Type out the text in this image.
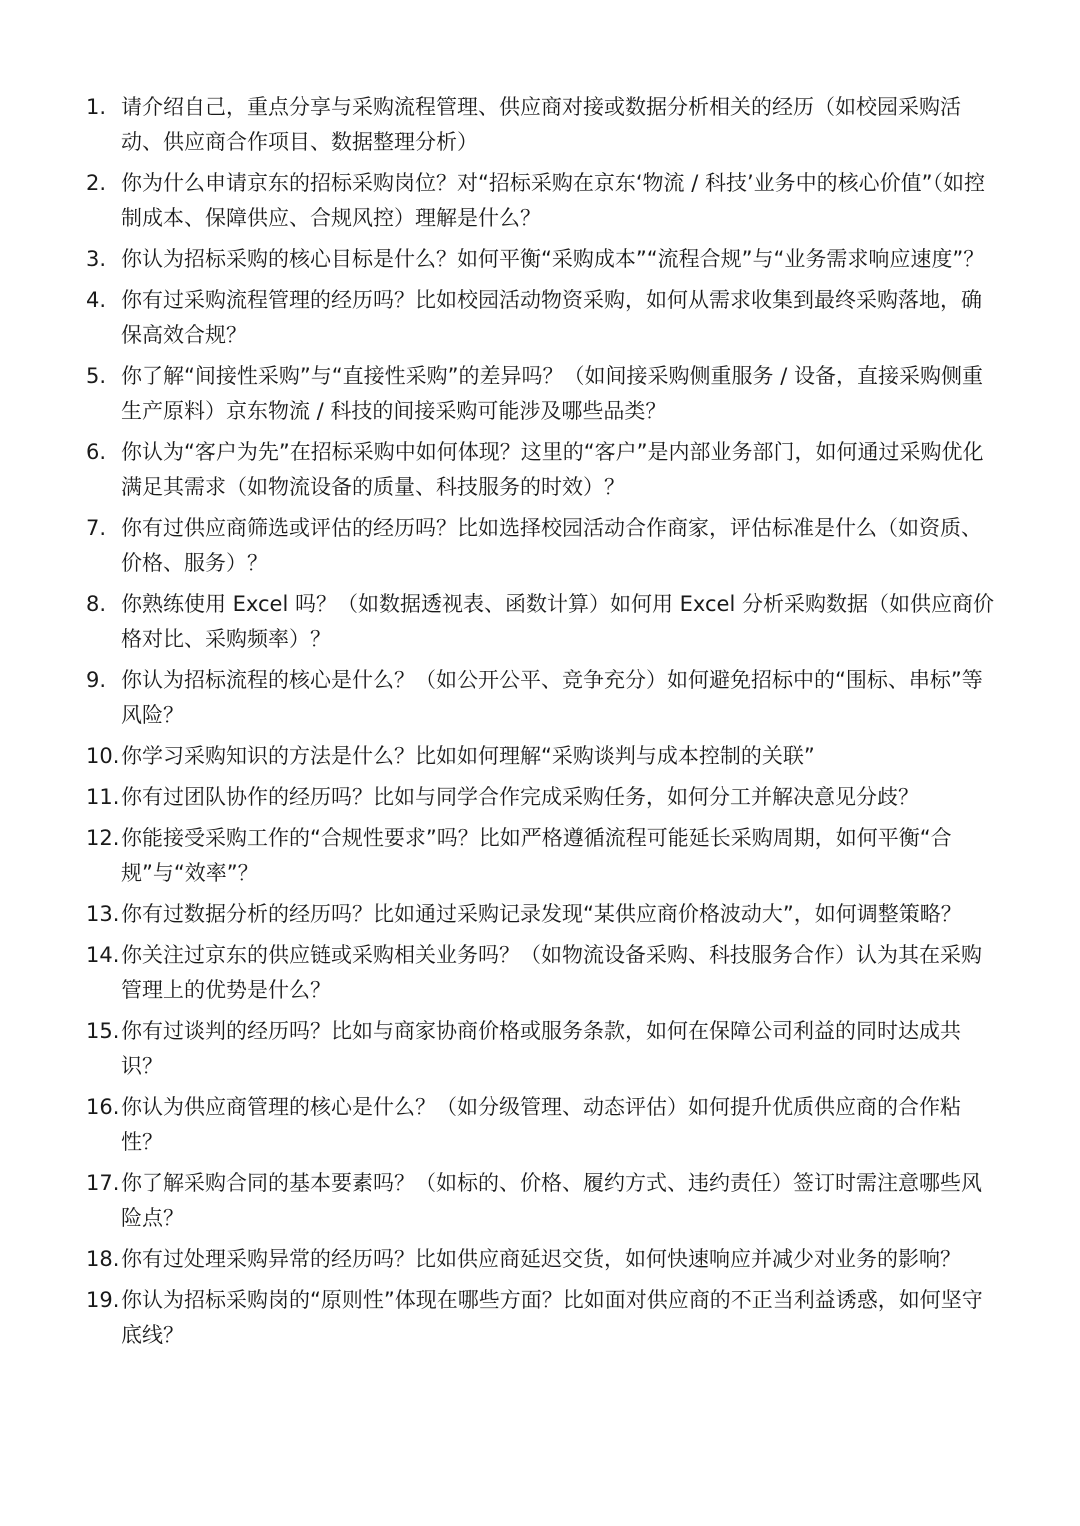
1. 请介绍自己，重点分享与采购流程管理、供应商对接或数据分析相关的经历（如校园采购活动、供应商合作项目、数据整理分析）
2. 你为什么申请京东的招标采购岗位？对“招标采购在京东‘物流 / 科技’业务中的核心价值”（如控制成本、保障供应、合规风控）理解是什么？
3. 你认为招标采购的核心目标是什么？如何平衡“采购成本”“流程合规”与“业务需求响应速度”？
4. 你有过采购流程管理的经历吗？比如校园活动物资采购，如何从需求收集到最终采购落地，确保高效合规？
5. 你了解“间接性采购”与“直接性采购”的差异吗？（如间接采购侧重服务 / 设备，直接采购侧重生产原料）京东物流 / 科技的间接采购可能涉及哪些品类？
6. 你认为“客户为先”在招标采购中如何体现？这里的“客户”是内部业务部门，如何通过采购优化满足其需求（如物流设备的质量、科技服务的时效）？
7. 你有过供应商筛选或评估的经历吗？比如选择校园活动合作商家，评估标准是什么（如资质、价格、服务）？
8. 你熟练使用 Excel 吗？（如数据透视表、函数计算）如何用 Excel 分析采购数据（如供应商价格对比、采购频率）？
9. 你认为招标流程的核心是什么？（如公开公平、竞争充分）如何避免招标中的“围标、串标”等风险？
10. 你学习采购知识的方法是什么？比如如何理解“采购谈判与成本控制的关联”
11. 你有过团队协作的经历吗？比如与同学合作完成采购任务，如何分工并解决意见分歧？
12. 你能接受采购工作的“合规性要求”吗？比如严格遵循流程可能延长采购周期，如何平衡“合规”与“效率”？
13. 你有过数据分析的经历吗？比如通过采购记录发现“某供应商价格波动大”，如何调整策略？
14. 你关注过京东的供应链或采购相关业务吗？（如物流设备采购、科技服务合作）认为其在采购管理上的优势是什么？
15. 你有过谈判的经历吗？比如与商家协商价格或服务条款，如何在保障公司利益的同时达成共识？
16. 你认为供应商管理的核心是什么？（如分级管理、动态评估）如何提升优质供应商的合作粘性？
17. 你了解采购合同的基本要素吗？（如标的、价格、履约方式、违约责任）签订时需注意哪些风险点？
18. 你有过处理采购异常的经历吗？比如供应商延迟交货，如何快速响应并减少对业务的影响？
19. 你认为招标采购岗的“原则性”体现在哪些方面？比如面对供应商的不正当利益诱惑，如何坚守底线？
